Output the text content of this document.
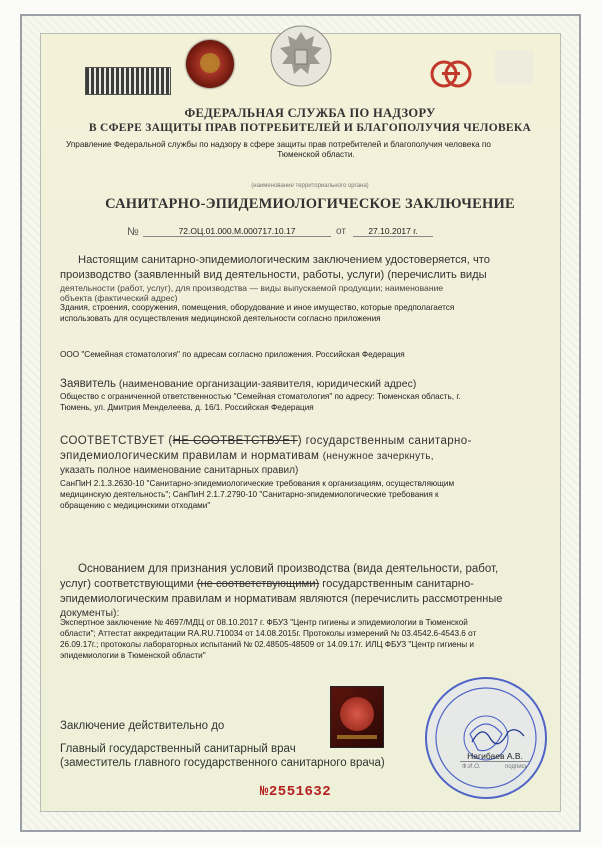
ФЕДЕРАЛЬНАЯ СЛУЖБА ПО НАДЗОРУ
В СФЕРЕ ЗАЩИТЫ ПРАВ ПОТРЕБИТЕЛЕЙ И БЛАГОПОЛУЧИЯ ЧЕЛОВЕКА
Управление Федеральной службы по надзору в сфере защиты прав потребителей и благополучия человека по
Тюменской области.
(наименование территориального органа)
САНИТАРНО-ЭПИДЕМИОЛОГИЧЕСКОЕ ЗАКЛЮЧЕНИЕ
№	72.ОЦ.01.000.М.000717.10.17	от	27.10.2017 г.
Настоящим санитарно-эпидемиологическим заключением удостоверяется, что
производство (заявленный вид деятельности, работы, услуги) (перечислить виды
деятельности (работ, услуг), для производства — виды выпускаемой продукции; наименование
объекта (фактический адрес)
Здания, строения, сооружения, помещения, оборудование и иное имущество, которые предполагается
использовать для осуществления медицинской деятельности согласно приложения
ООО "Семейная стоматология" по адресам согласно приложения. Российская Федерация
Заявитель (наименование организации-заявителя, юридический адрес)
Общество с ограниченной ответственностью "Семейная стоматология" по адресу: Тюменская область, г.
Тюмень, ул. Дмитрия Менделеева, д. 16/1. Российская Федерация
СООТВЕТСТВУЕТ (НЕ СООТВЕТСТВУЕТ) государственным санитарно-
эпидемиологическим правилам и нормативам (ненужное зачеркнуть,
указать полное наименование санитарных правил)
СанПиН 2.1.3.2630-10 "Санитарно-эпидемиологические требования к организациям, осуществляющим
медицинскую деятельность"; СанПиН 2.1.7.2790-10 "Санитарно-эпидемиологические требования к
обращению с медицинскими отходами"
Основанием для признания условий производства (вида деятельности, работ,
услуг) соответствующими (не соответствующими) государственным санитарно-
эпидемиологическим правилам и нормативам являются (перечислить рассмотренные
документы):
Экспертное заключение № 4697/МДЦ от 08.10.2017 г. ФБУЗ "Центр гигиены и эпидемиологии в Тюменской
области"; Аттестат аккредитации RA.RU.710034 от 14.08.2015г. Протоколы измерений № 03.4542.6-4543.6 от
26.09.17г.; протоколы лабораторных испытаний № 02.48505-48509 от 14.09.17г. ИЛЦ ФБУЗ "Центр гигиены и
эпидемиологии в Тюменской области"
Заключение действительно до
Главный государственный санитарный врач
(заместитель главного государственного санитарного врача)
Нагибаев А.В.
Ф.И.О.	подпись
№2551632
